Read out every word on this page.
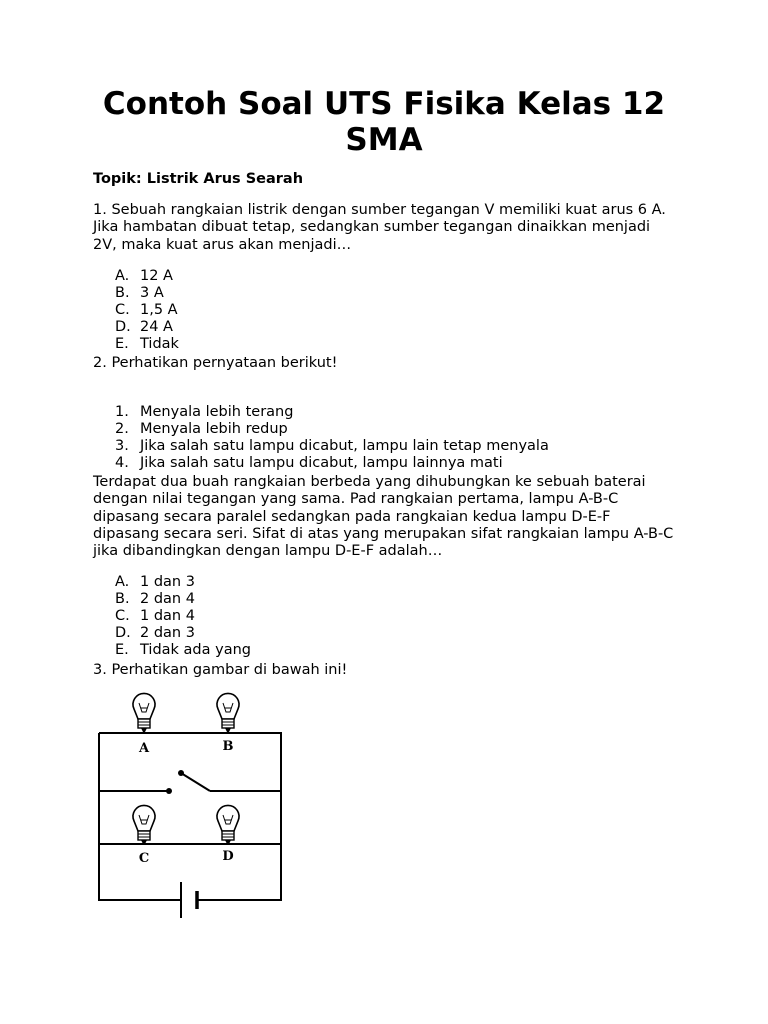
Contoh Soal UTS Fisika Kelas 12 SMA

Topik: Listrik Arus Searah

1. Sebuah rangkaian listrik dengan sumber tegangan V memiliki kuat arus 6 A. Jika hambatan dibuat tetap, sedangkan sumber tegangan dinaikkan menjadi 2V, maka kuat arus akan menjadi…

A. 12 A
B. 3 A
C. 1,5 A
D. 24 A
E. Tidak

2. Perhatikan pernyataan berikut!

1. Menyala lebih terang
2. Menyala lebih redup
3. Jika salah satu lampu dicabut, lampu lain tetap menyala
4. Jika salah satu lampu dicabut, lampu lainnya mati

Terdapat dua buah rangkaian berbeda yang dihubungkan ke sebuah baterai dengan nilai tegangan yang sama. Pad rangkaian pertama, lampu A-B-C dipasang secara paralel sedangkan pada rangkaian kedua lampu D-E-F dipasang secara seri. Sifat di atas yang merupakan sifat rangkaian lampu A-B-C jika dibandingkan dengan lampu D-E-F adalah…

A. 1 dan 3
B. 2 dan 4
C. 1 dan 4
D. 2 dan 3
E. Tidak ada yang

3. Perhatikan gambar di bawah ini!

A	B
C	D
